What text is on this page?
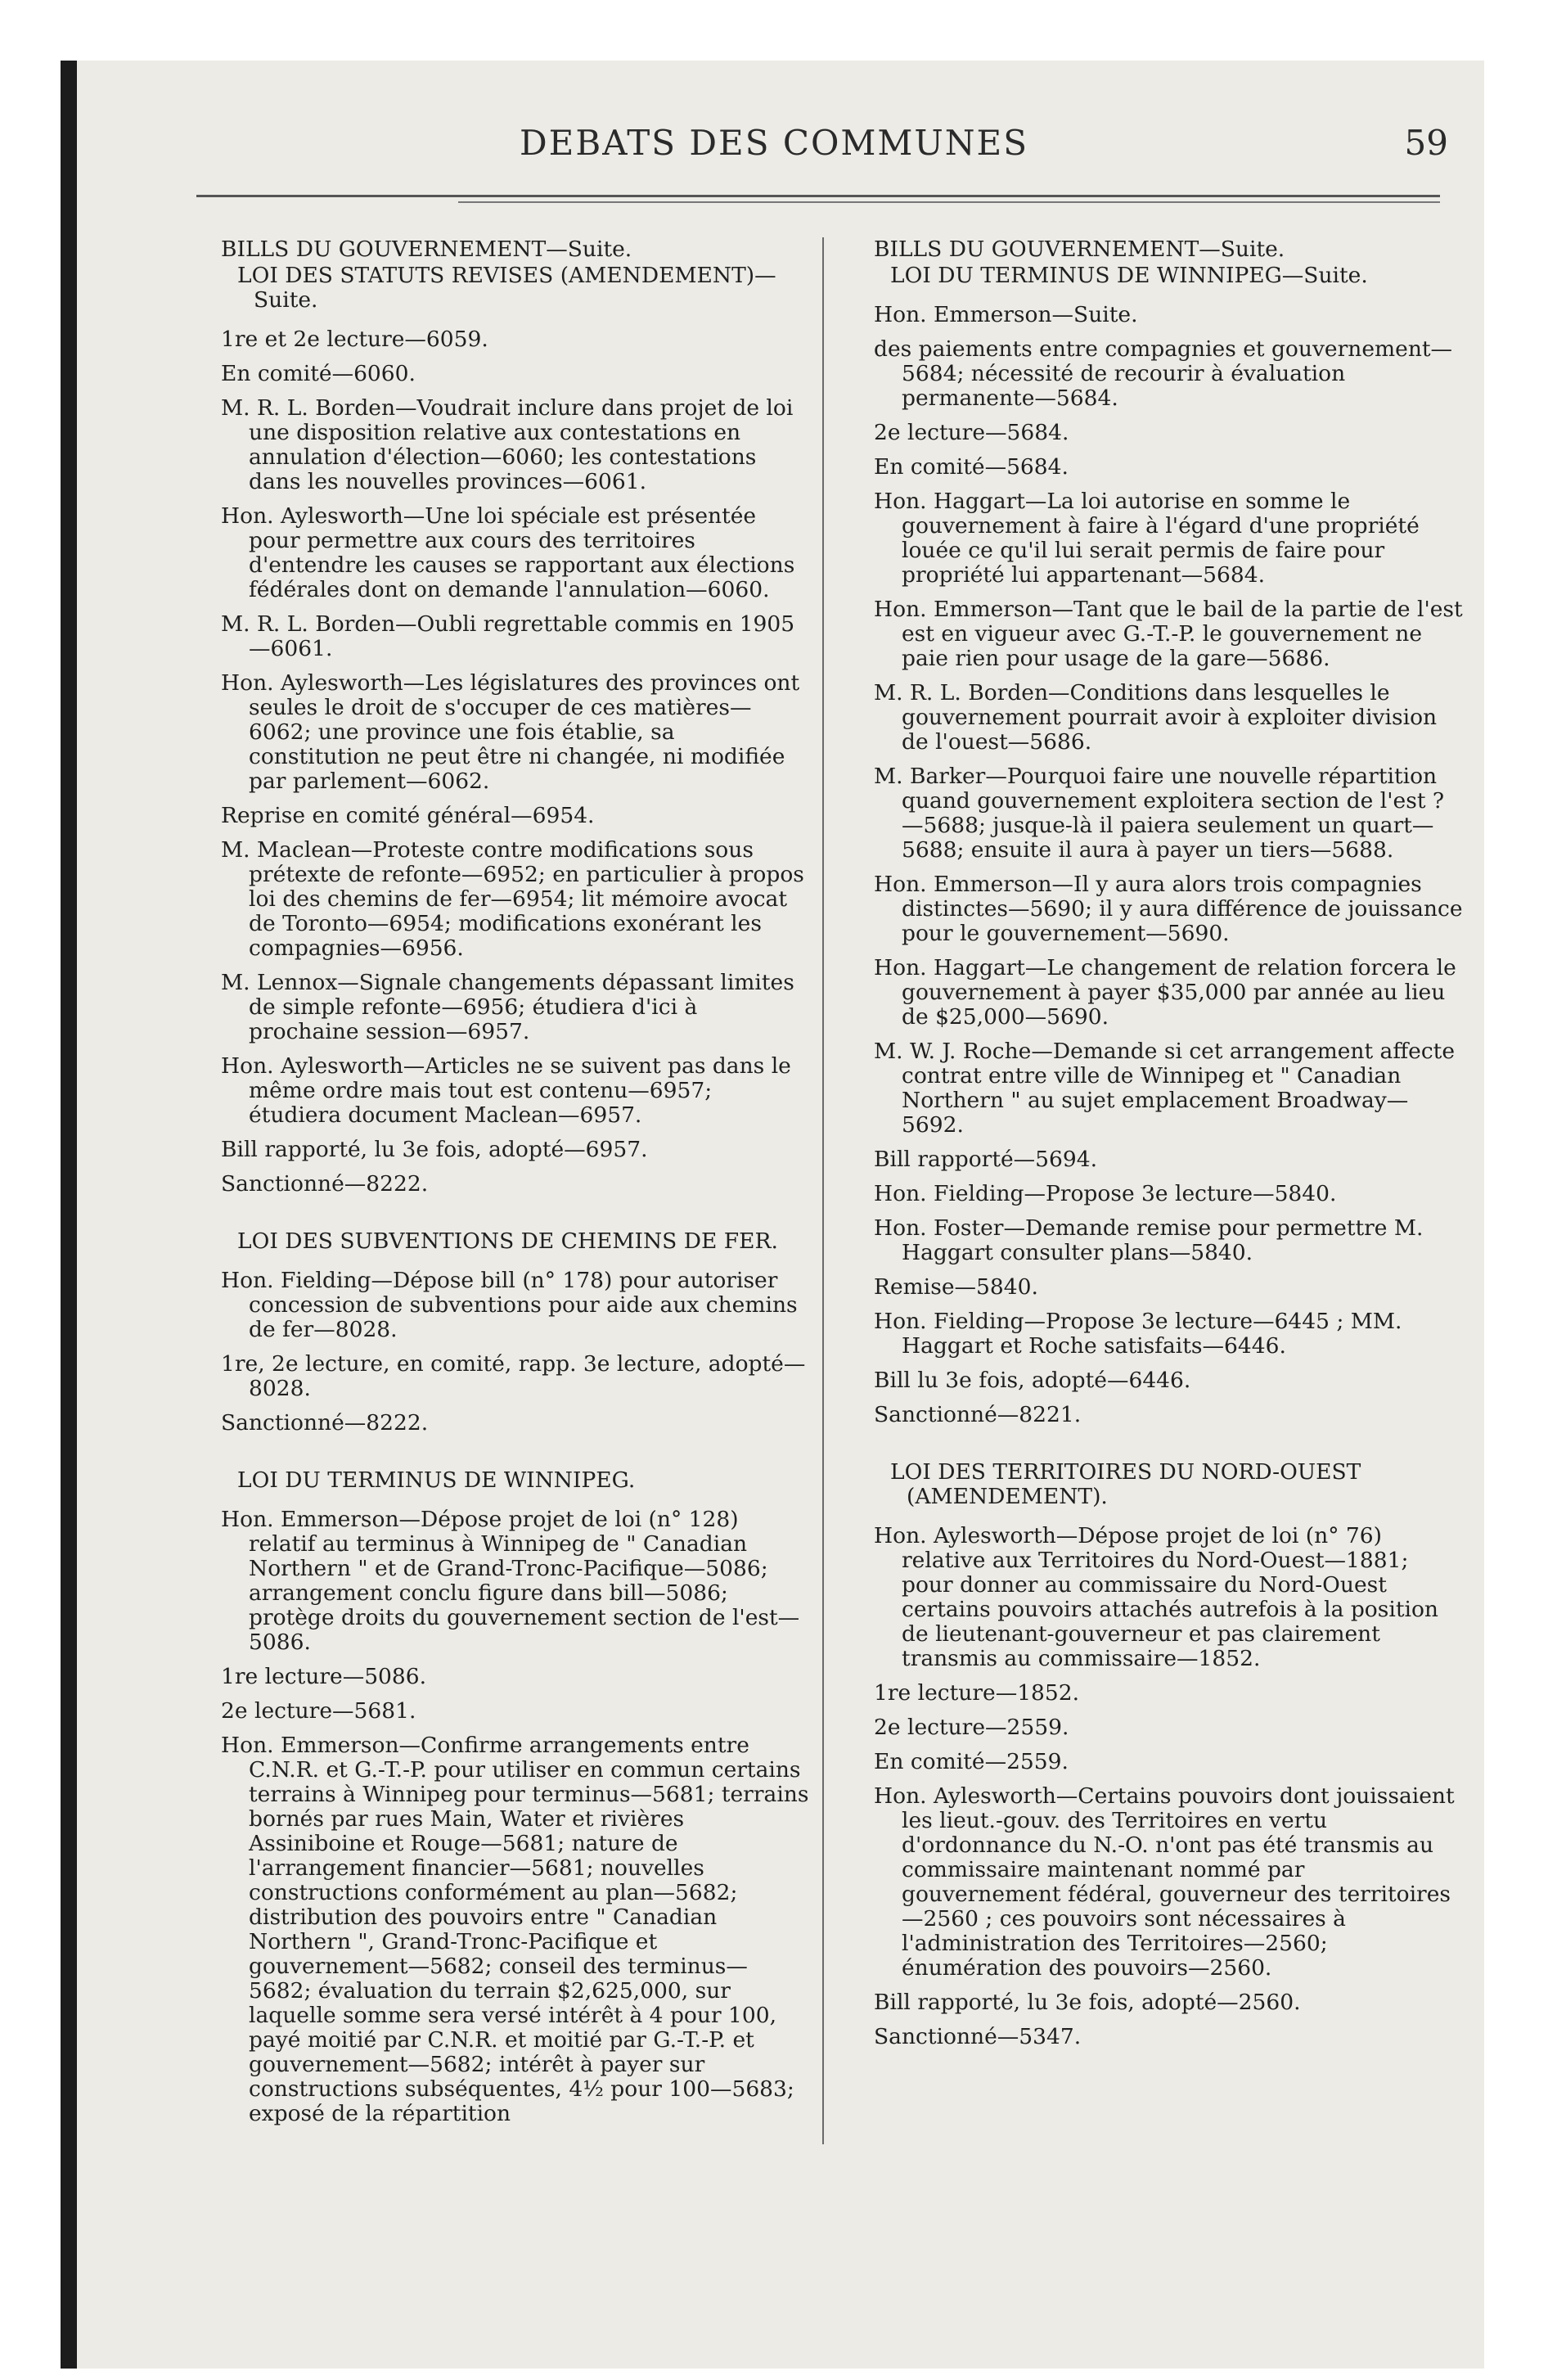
DEBATS DES COMMUNES	59
BILLS DU GOUVERNEMENT—Suite.
LOI DES STATUTS REVISES (AMENDEMENT)—Suite.
1re et 2e lecture—6059.
En comité—6060.
M. R. L. Borden—Voudrait inclure dans projet de loi une disposition relative aux contestations en annulation d'élection—6060; les contestations dans les nouvelles provinces—6061.
Hon. Aylesworth—Une loi spéciale est présentée pour permettre aux cours des territoires d'entendre les causes se rapportant aux élections fédérales dont on demande l'annulation—6060.
M. R. L. Borden—Oubli regrettable commis en 1905—6061.
Hon. Aylesworth—Les législatures des provinces ont seules le droit de s'occuper de ces matières—6062; une province une fois établie, sa constitution ne peut être ni changée, ni modifiée par parlement—6062.
Reprise en comité général—6954.
M. Maclean—Proteste contre modifications sous prétexte de refonte—6952; en particulier à propos loi des chemins de fer—6954; lit mémoire avocat de Toronto—6954; modifications exonérant les compagnies—6956.
M. Lennox—Signale changements dépassant limites de simple refonte—6956; étudiera d'ici à prochaine session—6957.
Hon. Aylesworth—Articles ne se suivent pas dans le même ordre mais tout est contenu—6957; étudiera document Maclean—6957.
Bill rapporté, lu 3e fois, adopté—6957.
Sanctionné—8222.
LOI DES SUBVENTIONS DE CHEMINS DE FER.
Hon. Fielding—Dépose bill (n° 178) pour autoriser concession de subventions pour aide aux chemins de fer—8028.
1re, 2e lecture, en comité, rapp. 3e lecture, adopté—8028.
Sanctionné—8222.
LOI DU TERMINUS DE WINNIPEG.
Hon. Emmerson—Dépose projet de loi (n° 128) relatif au terminus à Winnipeg de " Canadian Northern " et de Grand-Tronc-Pacifique—5086; arrangement conclu figure dans bill—5086; protège droits du gouvernement section de l'est—5086.
1re lecture—5086.
2e lecture—5681.
Hon. Emmerson—Confirme arrangements entre C.N.R. et G.-T.-P. pour utiliser en commun certains terrains à Winnipeg pour terminus—5681; terrains bornés par rues Main, Water et rivières Assiniboine et Rouge—5681; nature de l'arrangement financier—5681; nouvelles constructions conformément au plan—5682; distribution des pouvoirs entre " Canadian Northern ", Grand-Tronc-Pacifique et gouvernement—5682; conseil des terminus—5682; évaluation du terrain $2,625,000, sur laquelle somme sera versé intérêt à 4 pour 100, payé moitié par C.N.R. et moitié par G.-T.-P. et gouvernement—5682; intérêt à payer sur constructions subséquentes, 4½ pour 100—5683; exposé de la répartition
BILLS DU GOUVERNEMENT—Suite.
LOI DU TERMINUS DE WINNIPEG—Suite.
Hon. Emmerson—Suite.
des paiements entre compagnies et gouvernement—5684; nécessité de recourir à évaluation permanente—5684.
2e lecture—5684.
En comité—5684.
Hon. Haggart—La loi autorise en somme le gouvernement à faire à l'égard d'une propriété louée ce qu'il lui serait permis de faire pour propriété lui appartenant—5684.
Hon. Emmerson—Tant que le bail de la partie de l'est est en vigueur avec G.-T.-P. le gouvernement ne paie rien pour usage de la gare—5686.
M. R. L. Borden—Conditions dans lesquelles le gouvernement pourrait avoir à exploiter division de l'ouest—5686.
M. Barker—Pourquoi faire une nouvelle répartition quand gouvernement exploitera section de l'est ?—5688; jusque-là il paiera seulement un quart—5688; ensuite il aura à payer un tiers—5688.
Hon. Emmerson—Il y aura alors trois compagnies distinctes—5690; il y aura différence de jouissance pour le gouvernement—5690.
Hon. Haggart—Le changement de relation forcera le gouvernement à payer $35,000 par année au lieu de $25,000—5690.
M. W. J. Roche—Demande si cet arrangement affecte contrat entre ville de Winnipeg et " Canadian Northern " au sujet emplacement Broadway—5692.
Bill rapporté—5694.
Hon. Fielding—Propose 3e lecture—5840.
Hon. Foster—Demande remise pour permettre M. Haggart consulter plans—5840.
Remise—5840.
Hon. Fielding—Propose 3e lecture—6445 ; MM. Haggart et Roche satisfaits—6446.
Bill lu 3e fois, adopté—6446.
Sanctionné—8221.
LOI DES TERRITOIRES DU NORD-OUEST (AMENDEMENT).
Hon. Aylesworth—Dépose projet de loi (n° 76) relative aux Territoires du Nord-Ouest—1881; pour donner au commissaire du Nord-Ouest certains pouvoirs attachés autrefois à la position de lieutenant-gouverneur et pas clairement transmis au commissaire—1852.
1re lecture—1852.
2e lecture—2559.
En comité—2559.
Hon. Aylesworth—Certains pouvoirs dont jouissaient les lieut.-gouv. des Territoires en vertu d'ordonnance du N.-O. n'ont pas été transmis au commissaire maintenant nommé par gouvernement fédéral, gouverneur des territoires—2560 ; ces pouvoirs sont nécessaires à l'administration des Territoires—2560; énumération des pouvoirs—2560.
Bill rapporté, lu 3e fois, adopté—2560.
Sanctionné—5347.
